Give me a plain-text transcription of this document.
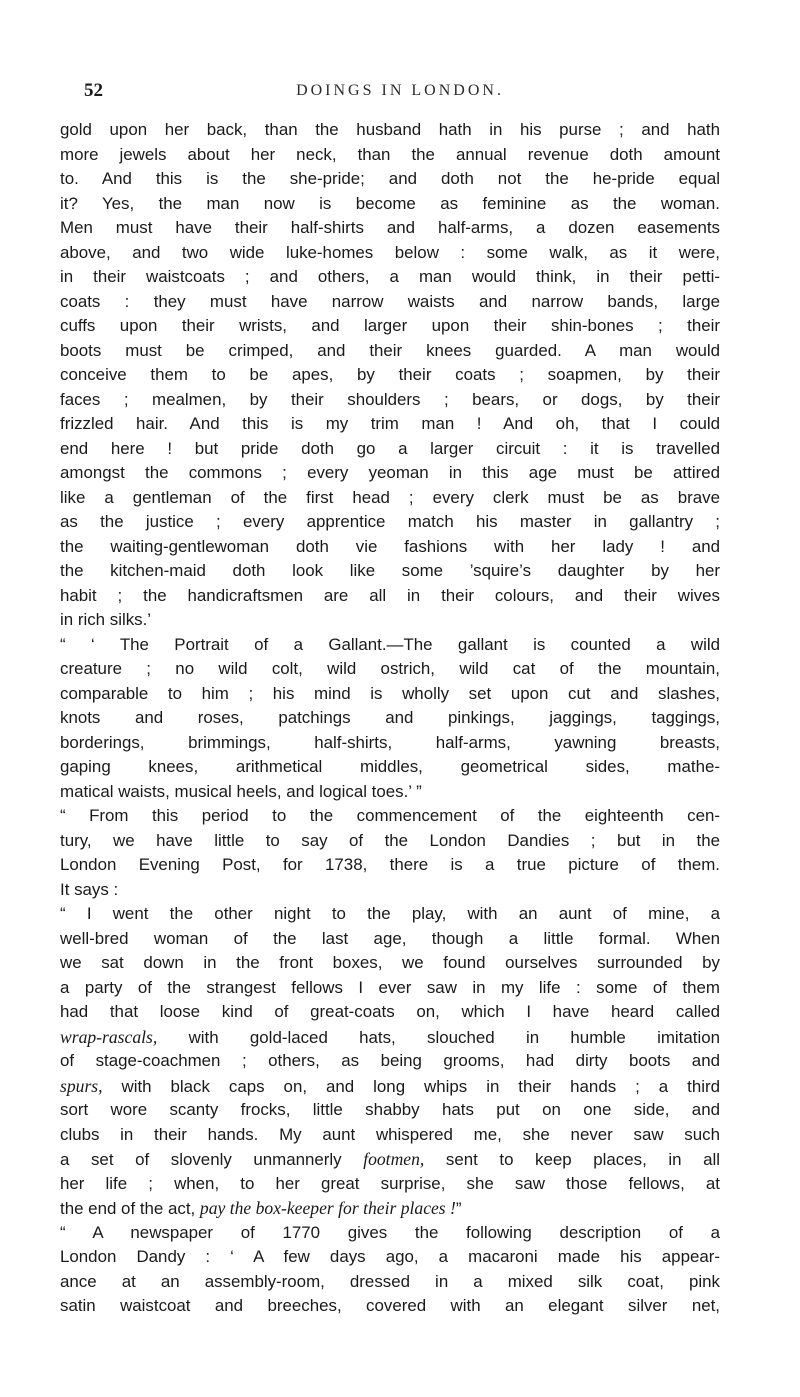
52	DOINGS IN LONDON.
gold upon her back, than the husband hath in his purse ; and hath
more jewels about her neck, than the annual revenue doth amount
to. And this is the she-pride; and doth not the he-pride equal
it? Yes, the man now is become as feminine as the woman.
Men must have their half-shirts and half-arms, a dozen easements
above, and two wide luke-homes below : some walk, as it were,
in their waistcoats ; and others, a man would think, in their petti-
coats : they must have narrow waists and narrow bands, large
cuffs upon their wrists, and larger upon their shin-bones ; their
boots must be crimped, and their knees guarded. A man would
conceive them to be apes, by their coats ; soapmen, by their
faces ; mealmen, by their shoulders ; bears, or dogs, by their
frizzled hair. And this is my trim man ! And oh, that I could
end here ! but pride doth go a larger circuit : it is travelled
amongst the commons ; every yeoman in this age must be attired
like a gentleman of the first head ; every clerk must be as brave
as the justice ; every apprentice match his master in gallantry ;
the waiting-gentlewoman doth vie fashions with her lady ! and
the kitchen-maid doth look like some ’squire’s daughter by her
habit ; the handicraftsmen are all in their colours, and their wives
in rich silks.’
“ ‘ The Portrait of a Gallant.—The gallant is counted a wild
creature ; no wild colt, wild ostrich, wild cat of the mountain,
comparable to him ; his mind is wholly set upon cut and slashes,
knots and roses, patchings and pinkings, jaggings, taggings,
borderings, brimmings, half-shirts, half-arms, yawning breasts,
gaping knees, arithmetical middles, geometrical sides, mathe-
matical waists, musical heels, and logical toes.’ ”
“ From this period to the commencement of the eighteenth cen-
tury, we have little to say of the London Dandies ; but in the
London Evening Post, for 1738, there is a true picture of them.
It says :
“ I went the other night to the play, with an aunt of mine, a
well-bred woman of the last age, though a little formal. When
we sat down in the front boxes, we found ourselves surrounded by
a party of the strangest fellows I ever saw in my life : some of them
had that loose kind of great-coats on, which I have heard called
wrap-rascals, with gold-laced hats, slouched in humble imitation
of stage-coachmen ; others, as being grooms, had dirty boots and
spurs, with black caps on, and long whips in their hands ; a third
sort wore scanty frocks, little shabby hats put on one side, and
clubs in their hands. My aunt whispered me, she never saw such
a set of slovenly unmannerly footmen, sent to keep places, in all
her life ; when, to her great surprise, she saw those fellows, at
the end of the act, pay the box-keeper for their places !”
“ A newspaper of 1770 gives the following description of a
London Dandy : ‘ A few days ago, a macaroni made his appear-
ance at an assembly-room, dressed in a mixed silk coat, pink
satin waistcoat and breeches, covered with an elegant silver net,
